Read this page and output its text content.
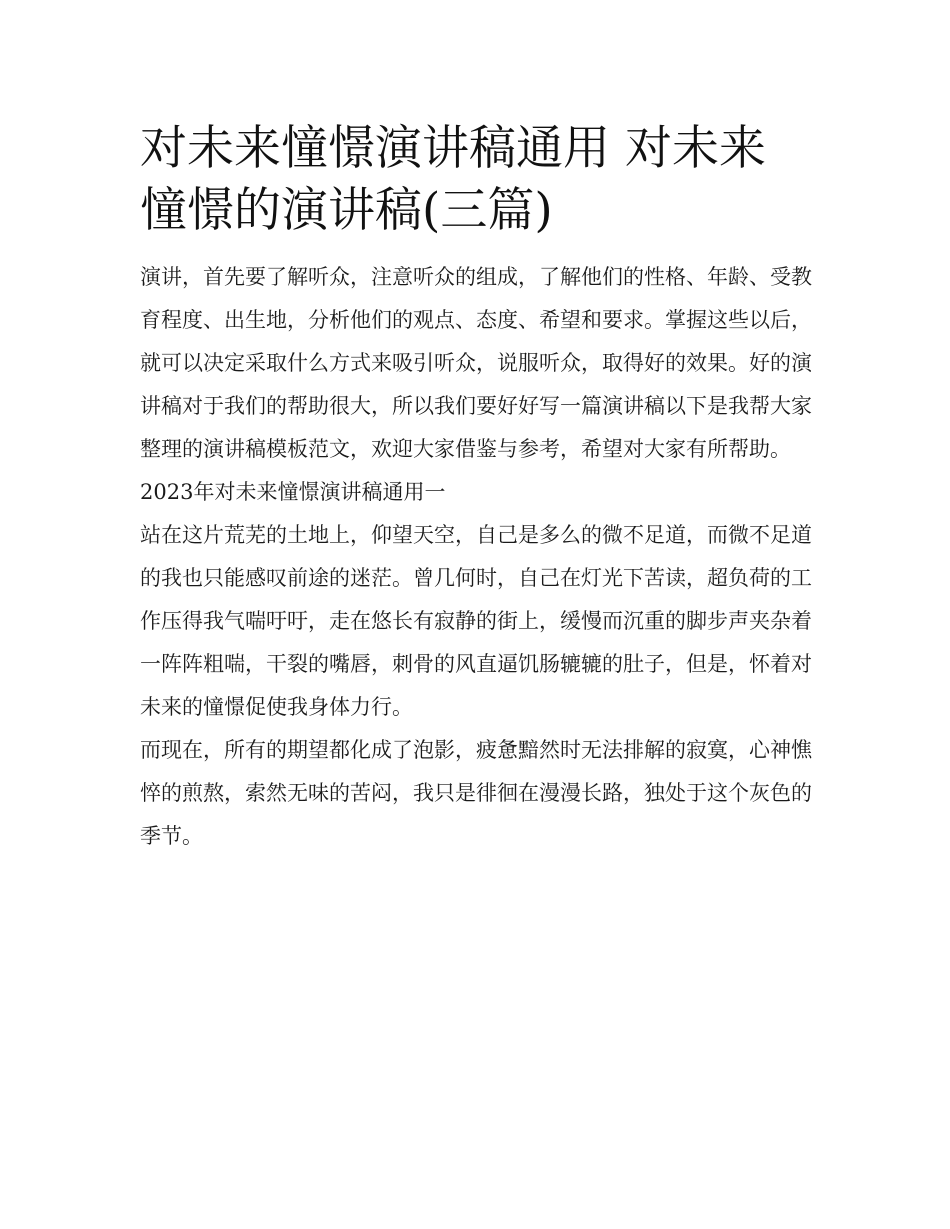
对未来憧憬演讲稿通用 对未来憧憬的演讲稿(三篇)

演讲，首先要了解听众，注意听众的组成，了解他们的性格、年龄、受教育程度、出生地，分析他们的观点、态度、希望和要求。掌握这些以后，就可以决定采取什么方式来吸引听众，说服听众，取得好的效果。好的演讲稿对于我们的帮助很大，所以我们要好好写一篇演讲稿以下是我帮大家整理的演讲稿模板范文，欢迎大家借鉴与参考，希望对大家有所帮助。

2023年对未来憧憬演讲稿通用一

站在这片荒芜的土地上，仰望天空，自己是多么的微不足道，而微不足道的我也只能感叹前途的迷茫。曾几何时，自己在灯光下苦读，超负荷的工作压得我气喘吁吁，走在悠长有寂静的街上，缓慢而沉重的脚步声夹杂着一阵阵粗喘，干裂的嘴唇，刺骨的风直逼饥肠辘辘的肚子，但是，怀着对未来的憧憬促使我身体力行。

而现在，所有的期望都化成了泡影，疲惫黯然时无法排解的寂寞，心神憔悴的煎熬，索然无味的苦闷，我只是徘徊在漫漫长路，独处于这个灰色的季节。
